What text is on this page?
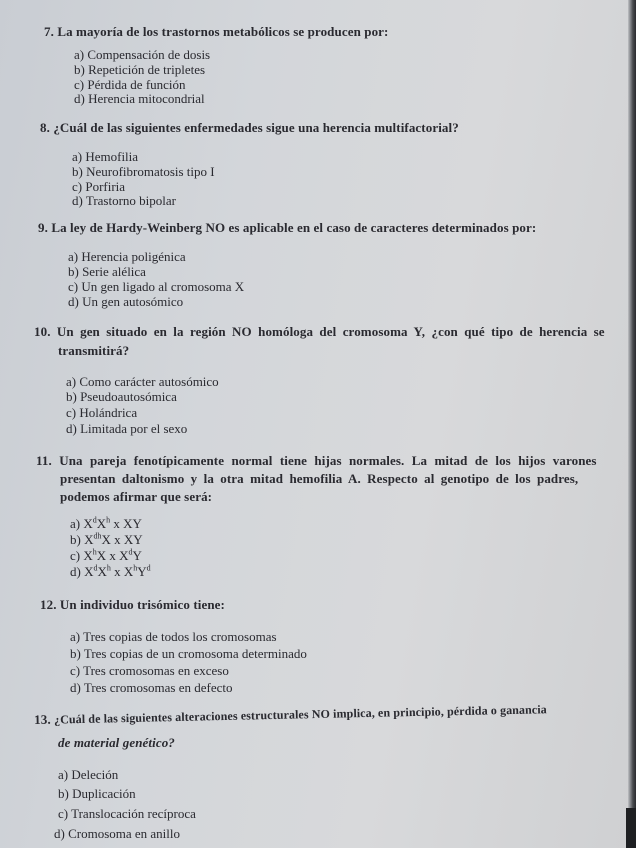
7. La mayoría de los trastornos metabólicos se producen por:
a) Compensación de dosis
b) Repetición de tripletes
c) Pérdida de función
d) Herencia mitocondrial
8. ¿Cuál de las siguientes enfermedades sigue una herencia multifactorial?
a) Hemofilia
b) Neurofibromatosis tipo I
c) Porfiria
d) Trastorno bipolar
9. La ley de Hardy-Weinberg NO es aplicable en el caso de caracteres determinados por:
a) Herencia poligénica
b) Serie alélica
c) Un gen ligado al cromosoma X
d) Un gen autosómico
10. Un gen situado en la región NO homóloga del cromosoma Y, ¿con qué tipo de herencia se
transmitirá?
a) Como carácter autosómico
b) Pseudoautosómica
c) Holándrica
d) Limitada por el sexo
11. Una pareja fenotípicamente normal tiene hijas normales. La mitad de los hijos varones
presentan daltonismo y la otra mitad hemofilia A. Respecto al genotipo de los padres,
podemos afirmar que será:
a) $X^dX^h$ x XY
b) $X^{dh}X$ x XY
c) $X^hX$ x $X^dY$
d) $X^dX^h$ x $X^hY^d$
12. Un individuo trisómico tiene:
a) Tres copias de todos los cromosomas
b) Tres copias de un cromosoma determinado
c) Tres cromosomas en exceso
d) Tres cromosomas en defecto
13. ¿Cuál de las siguientes alteraciones estructurales NO implica, en principio, pérdida o ganancia
de material genético?
a) Deleción
b) Duplicación
c) Translocación recíproca
d) Cromosoma en anillo
